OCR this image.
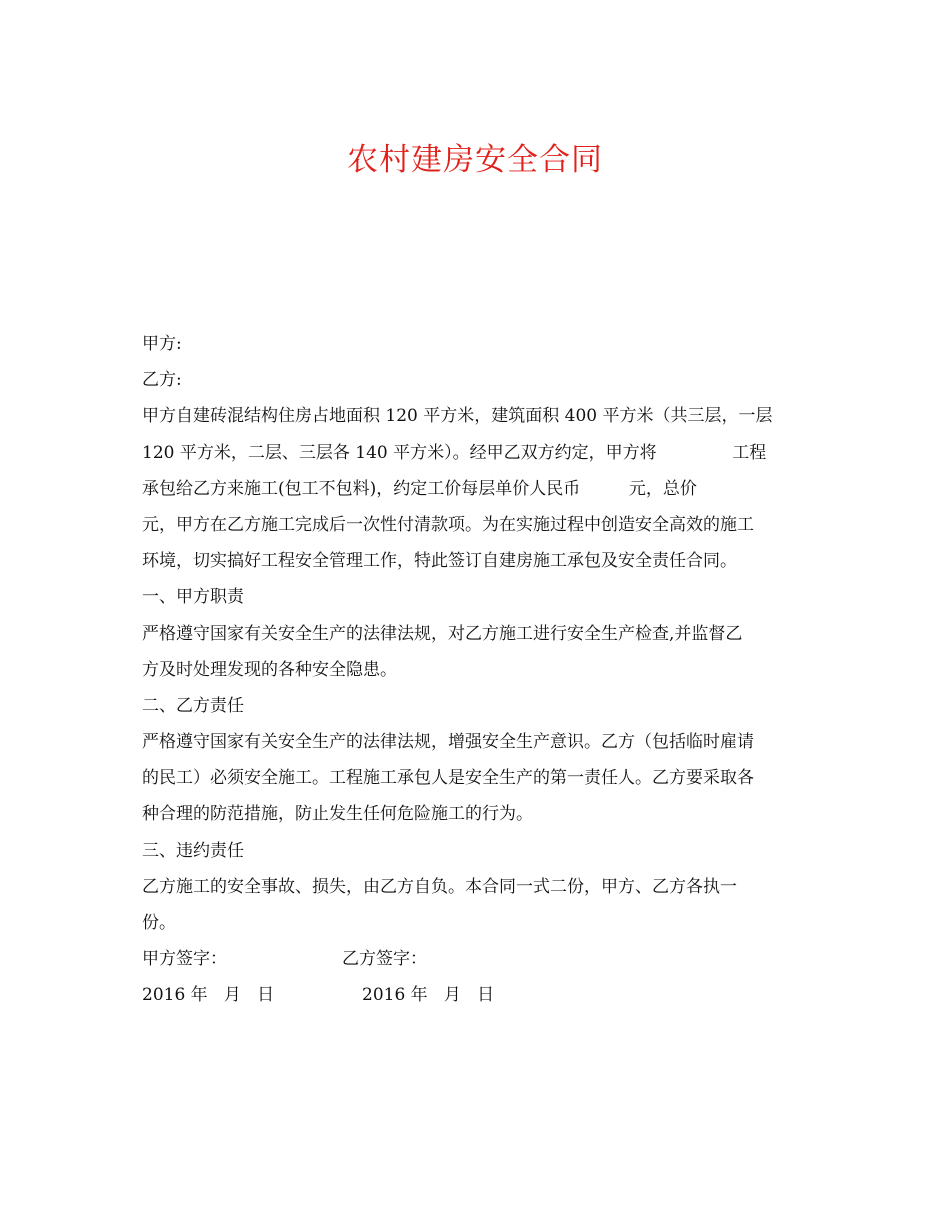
农村建房安全合同
甲方:
乙方:
甲方自建砖混结构住房占地面积 120 平方米，建筑面积 400 平方米（共三层，一层
120 平方米，二层、三层各 140 平方米）。经甲乙双方约定，甲方将              工程
承包给乙方来施工(包工不包料)，约定工价每层单价人民币         元，总价
元，甲方在乙方施工完成后一次性付清款项。为在实施过程中创造安全高效的施工
环境，切实搞好工程安全管理工作，特此签订自建房施工承包及安全责任合同。
一、甲方职责
严格遵守国家有关安全生产的法律法规，对乙方施工进行安全生产检查,并监督乙
方及时处理发现的各种安全隐患。
二、乙方责任
严格遵守国家有关安全生产的法律法规，增强安全生产意识。乙方（包括临时雇请
的民工）必须安全施工。工程施工承包人是安全生产的第一责任人。乙方要采取各
种合理的防范措施，防止发生任何危险施工的行为。
三、违约责任
乙方施工的安全事故、损失，由乙方自负。本合同一式二份，甲方、乙方各执一
份。
甲方签字：	乙方签字：
2016 年   月   日	2016 年   月   日
